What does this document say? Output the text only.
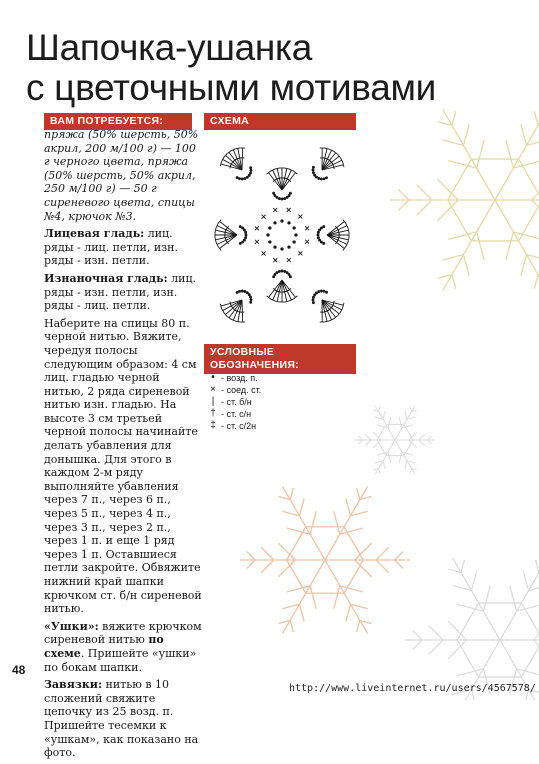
Шапочка-ушанка
с цветочными мотивами
ВАМ ПОТРЕБУЕТСЯ:	СХЕМА
УСЛОВНЫЕ
ОБОЗНАЧЕНИЯ:

пряжа (50% шерсть, 50% акрил, 200 м/100 г) — 100 г черного цвета, пряжа (50% шерсть, 50% акрил, 250 м/100 г) — 50 г сиреневого цвета, спицы №4, крючок №3.

Лицевая гладь: лиц. ряды - лиц. петли, изн. ряды - изн. петли.

Изнаночная гладь: лиц. ряды - изн. петли, изн. ряды - лиц. петли.

Наберите на спицы 80 п. черной нитью. Вяжите, чередуя полосы следующим образом: 4 см лиц. гладью черной нитью, 2 ряда сиреневой нитью изн. гладью. На высоте 3 см третьей черной полосы начинайте делать убавления для донышка. Для этого в каждом 2-м ряду выполняйте убавления через 7 п., через 6 п., через 5 п., через 4 п., через 3 п., через 2 п., через 1 п. и еще 1 ряд через 1 п. Оставшиеся петли закройте. Обвяжите нижний край шапки крючком ст. б/н сиреневой нитью.

«Ушки»: вяжите крючком сиреневой нитью по схеме. Пришейте «ушки» по бокам шапки.

Завязки: нитью в 10 сложений свяжите цепочку из 25 возд. п. Пришейте тесемки к «ушкам», как показано на фото.

• - возд. п.
× - соед. ст.
| - ст. б/н
† - ст. с/н
‡ - ст. с/2н
48
http://www.liveinternet.ru/users/4567578/
